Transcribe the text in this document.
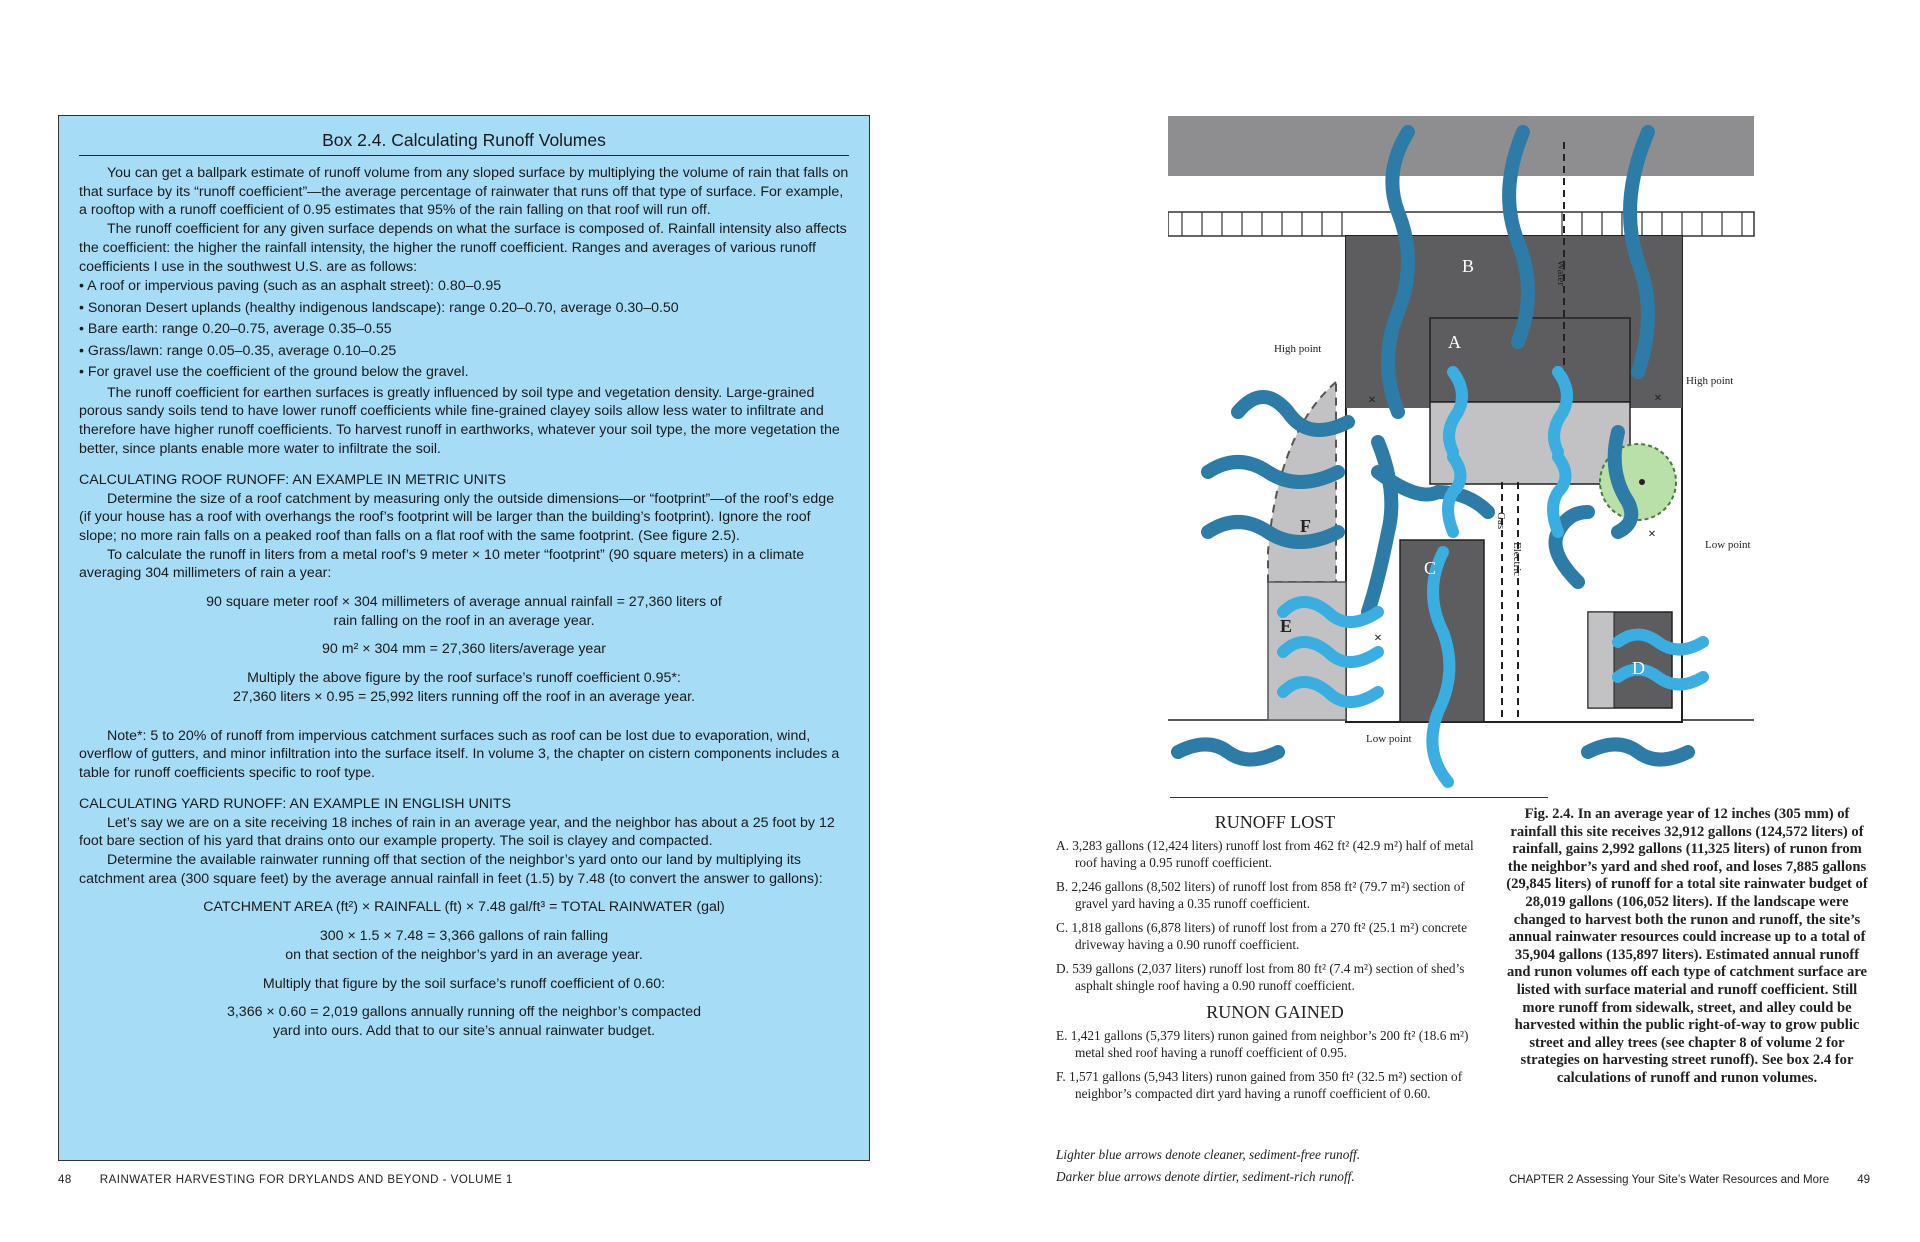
Box 2.4. Calculating Runoff Volumes

You can get a ballpark estimate of runoff volume from any sloped surface by multiplying the volume of rain that falls on that surface by its “runoff coefficient”—the average percentage of rainwater that runs off that type of surface. For example, a rooftop with a runoff coefficient of 0.95 estimates that 95% of the rain falling on that roof will run off.

The runoff coefficient for any given surface depends on what the surface is composed of. Rainfall intensity also affects the coefficient: the higher the rainfall intensity, the higher the runoff coefficient. Ranges and averages of various runoff coefficients I use in the southwest U.S. are as follows:

• A roof or impervious paving (such as an asphalt street): 0.80–0.95
• Sonoran Desert uplands (healthy indigenous landscape): range 0.20–0.70, average 0.30–0.50
• Bare earth: range 0.20–0.75, average 0.35–0.55
• Grass/lawn: range 0.05–0.35, average 0.10–0.25
• For gravel use the coefficient of the ground below the gravel.

The runoff coefficient for earthen surfaces is greatly influenced by soil type and vegetation density. Large-grained porous sandy soils tend to have lower runoff coefficients while fine-grained clayey soils allow less water to infiltrate and therefore have higher runoff coefficients. To harvest runoff in earthworks, whatever your soil type, the more vegetation the better, since plants enable more water to infiltrate the soil.

CALCULATING ROOF RUNOFF: AN EXAMPLE IN METRIC UNITS

Determine the size of a roof catchment by measuring only the outside dimensions—or “footprint”—of the roof’s edge (if your house has a roof with overhangs the roof’s footprint will be larger than the building’s footprint). Ignore the roof slope; no more rain falls on a peaked roof than falls on a flat roof with the same footprint. (See figure 2.5).

To calculate the runoff in liters from a metal roof’s 9 meter × 10 meter “footprint” (90 square meters) in a climate averaging 304 millimeters of rain a year:

90 square meter roof × 304 millimeters of average annual rainfall = 27,360 liters of

rain falling on the roof in an average year.

90 m² × 304 mm = 27,360 liters/average year

Multiply the above figure by the roof surface’s runoff coefficient 0.95*:

27,360 liters × 0.95 = 25,992 liters running off the roof in an average year.

Note*: 5 to 20% of runoff from impervious catchment surfaces such as roof can be lost due to evaporation, wind, overflow of gutters, and minor infiltration into the surface itself. In volume 3, the chapter on cistern components includes a table for runoff coefficients specific to roof type.

CALCULATING YARD RUNOFF: AN EXAMPLE IN ENGLISH UNITS

Let’s say we are on a site receiving 18 inches of rain in an average year, and the neighbor has about a 25 foot by 12 foot bare section of his yard that drains onto our example property. The soil is clayey and compacted.

Determine the available rainwater running off that section of the neighbor’s yard onto our land by multiplying its catchment area (300 square feet) by the average annual rainfall in feet (1.5) by 7.48 (to convert the answer to gallons):

CATCHMENT AREA (ft²) × RAINFALL (ft) × 7.48 gal/ft³ = TOTAL RAINWATER (gal)

300 × 1.5 × 7.48 = 3,366 gallons of rain falling

on that section of the neighbor’s yard in an average year.

Multiply that figure by the soil surface’s runoff coefficient of 0.60:

3,366 × 0.60 = 2,019 gallons annually running off the neighbor’s compacted

yard into ours. Add that to our site’s annual rainwater budget.

48 RAINWATER HARVESTING FOR DRYLANDS AND BEYOND - VOLUME 1
B
A
C
D
E
F
High point
High point
Low point
Low point
×	×
×
×
Water
Gas
Electric
RUNOFF LOST
A. 3,283 gallons (12,424 liters) runoff lost from 462 ft² (42.9 m²) half of metal roof having a 0.95 runoff coefficient.
B. 2,246 gallons (8,502 liters) of runoff lost from 858 ft² (79.7 m²) section of gravel yard having a 0.35 runoff coefficient.
C. 1,818 gallons (6,878 liters) of runoff lost from a 270 ft² (25.1 m²) concrete driveway having a 0.90 runoff coefficient.
D. 539 gallons (2,037 liters) runoff lost from 80 ft² (7.4 m²) section of shed’s asphalt shingle roof having a 0.90 runoff coefficient.
RUNON GAINED
E. 1,421 gallons (5,379 liters) runon gained from neighbor’s 200 ft² (18.6 m²) metal shed roof having a runoff coefficient of 0.95.
F. 1,571 gallons (5,943 liters) runon gained from 350 ft² (32.5 m²) section of neighbor’s compacted dirt yard having a runoff coefficient of 0.60.
Lighter blue arrows denote cleaner, sediment-free runoff.
Darker blue arrows denote dirtier, sediment-rich runoff.
Fig. 2.4. In an average year of 12 inches (305 mm) of rainfall this site receives 32,912 gallons (124,572 liters) of rainfall, gains 2,992 gallons (11,325 liters) of runon from the neighbor’s yard and shed roof, and loses 7,885 gallons (29,845 liters) of runoff for a total site rainwater budget of 28,019 gallons (106,052 liters). If the landscape were changed to harvest both the runon and runoff, the site’s annual rainwater resources could increase up to a total of 35,904 gallons (135,897 liters). Estimated annual runoff and runon volumes off each type of catchment surface are listed with surface material and runoff coefficient. Still more runoff from sidewalk, street, and alley could be harvested within the public right-of-way to grow public street and alley trees (see chapter 8 of volume 2 for strategies on harvesting street runoff). See box 2.4 for calculations of runoff and runon volumes.
CHAPTER 2 Assessing Your Site’s Water Resources and More 49
